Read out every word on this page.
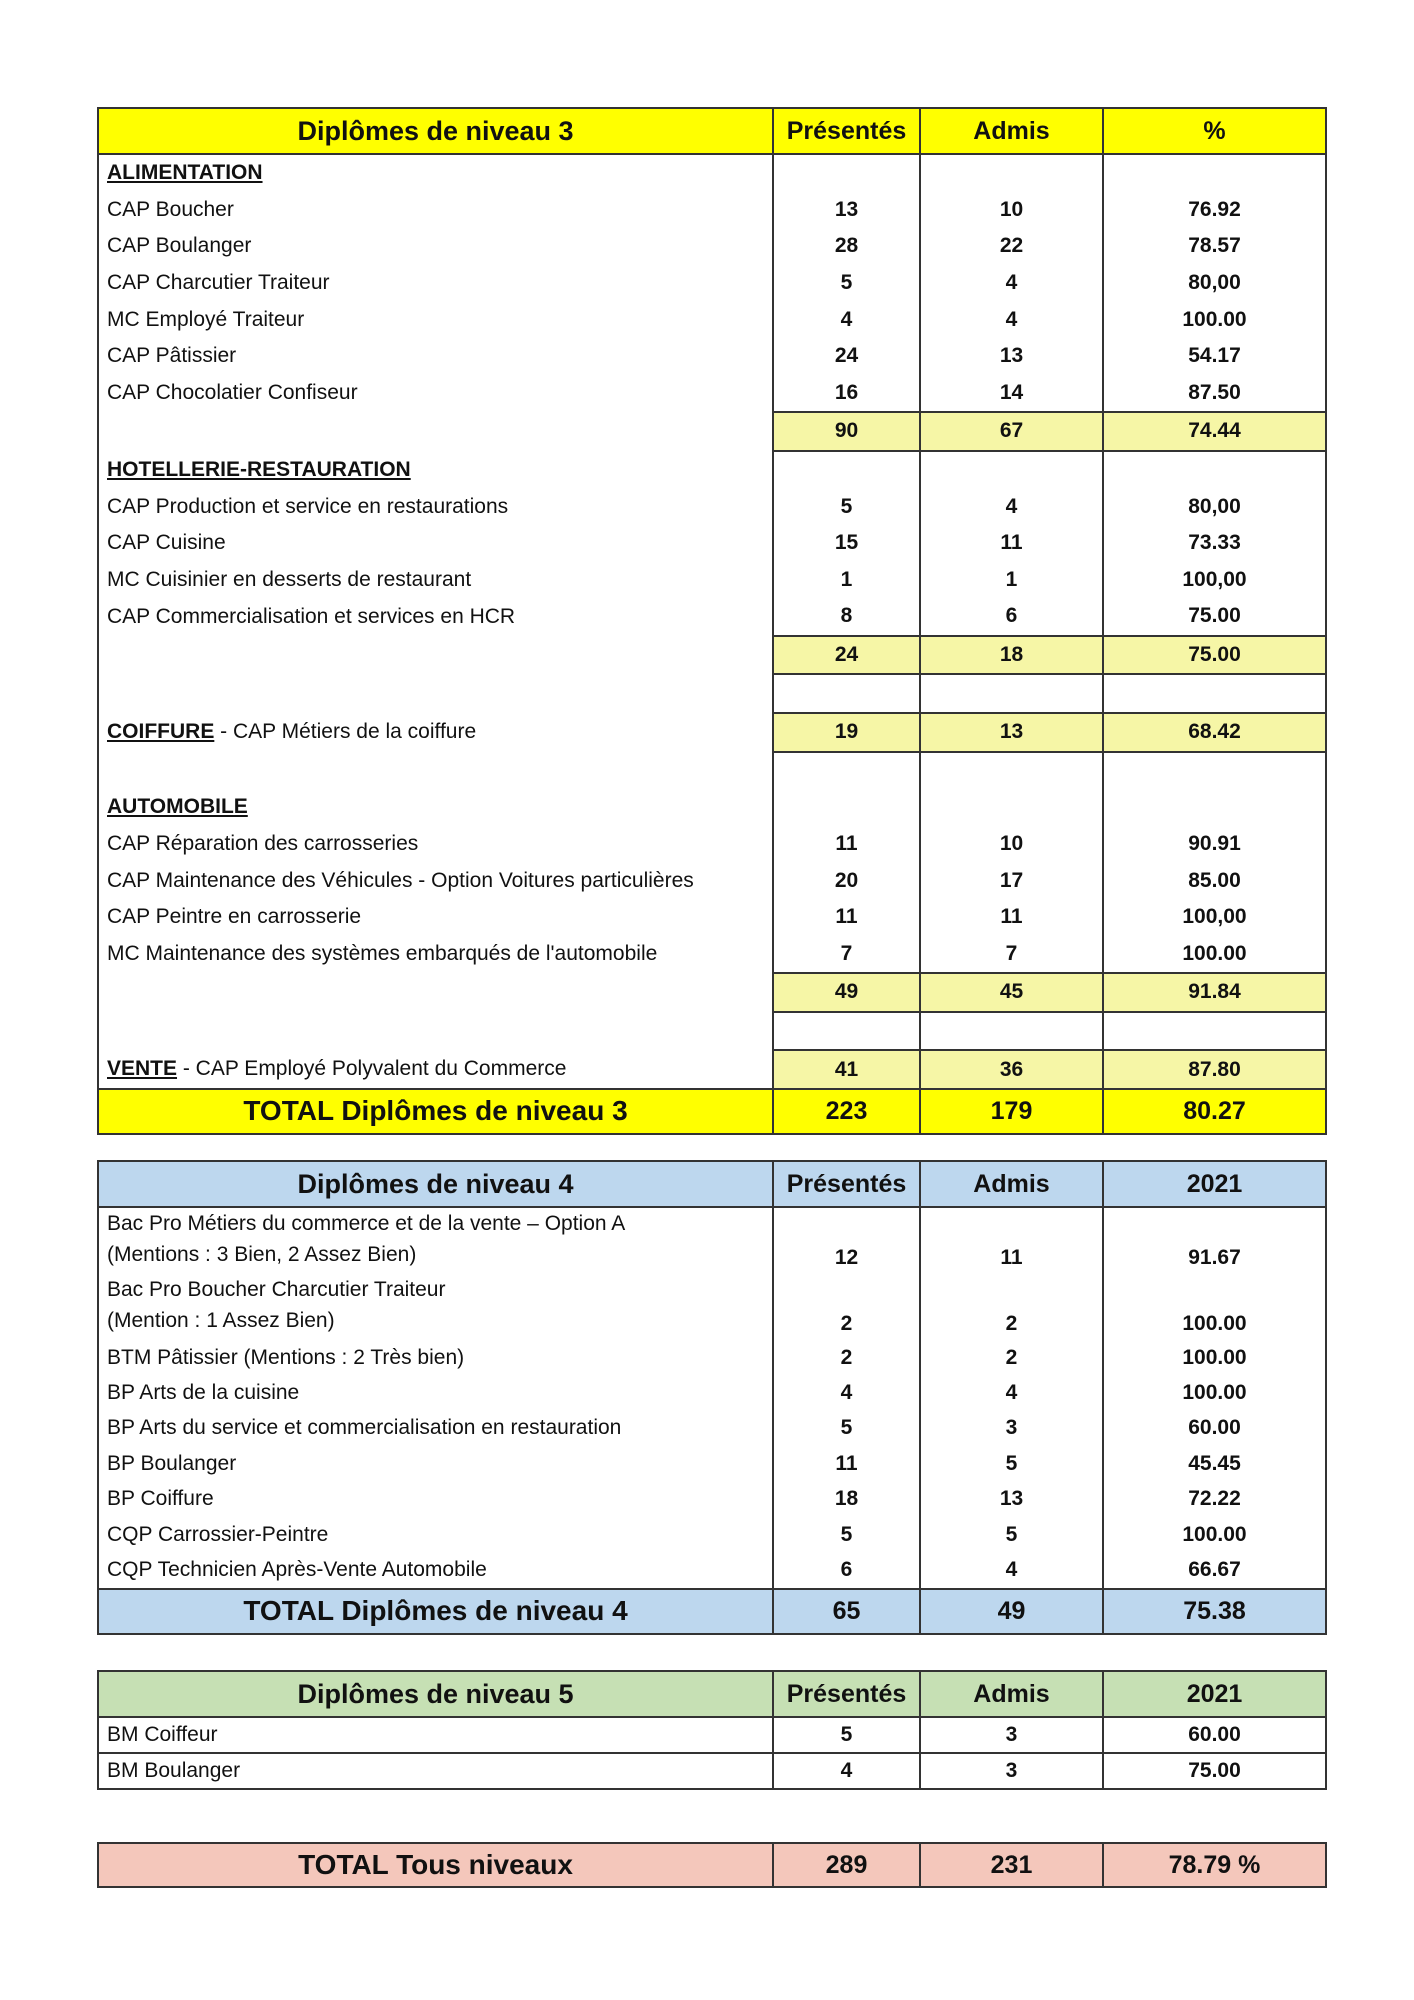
Diplômes de niveau 3	Présentés	Admis	%
ALIMENTATION			
CAP Boucher	13	10	76.92
CAP Boulanger	28	22	78.57
CAP Charcutier Traiteur	5	4	80,00
MC Employé Traiteur	4	4	100.00
CAP Pâtissier	24	13	54.17
CAP Chocolatier Confiseur	16	14	87.50
	90	67	74.44
HOTELLERIE-RESTAURATION			
CAP Production et service en restaurations	5	4	80,00
CAP Cuisine	15	11	73.33
MC Cuisinier en desserts de restaurant	1	1	100,00
CAP Commercialisation et services en HCR	8	6	75.00
	24	18	75.00

COIFFURE - CAP Métiers de la coiffure	19	13	68.42

AUTOMOBILE			
CAP Réparation des carrosseries	11	10	90.91
CAP Maintenance des Véhicules - Option Voitures particulières	20	17	85.00
CAP Peintre en carrosserie	11	11	100,00
MC Maintenance des systèmes embarqués de l'automobile	7	7	100.00
	49	45	91.84

VENTE - CAP Employé Polyvalent du Commerce	41	36	87.80
TOTAL Diplômes de niveau 3	223	179	80.27
Diplômes de niveau 4	Présentés	Admis	2021
Bac Pro Métiers du commerce et de la vente – Option A
(Mentions : 3 Bien, 2 Assez Bien)	12	11	91.67
Bac Pro Boucher Charcutier Traiteur
(Mention : 1 Assez Bien)	2	2	100.00
BTM Pâtissier (Mentions : 2 Très bien)	2	2	100.00
BP Arts de la cuisine	4	4	100.00
BP Arts du service et commercialisation en restauration	5	3	60.00
BP Boulanger	11	5	45.45
BP Coiffure	18	13	72.22
CQP Carrossier-Peintre	5	5	100.00
CQP Technicien Après-Vente Automobile	6	4	66.67
TOTAL Diplômes de niveau 4	65	49	75.38
Diplômes de niveau 5	Présentés	Admis	2021
BM Coiffeur	5	3	60.00
BM Boulanger	4	3	75.00
TOTAL Tous niveaux	289	231	78.79 %
